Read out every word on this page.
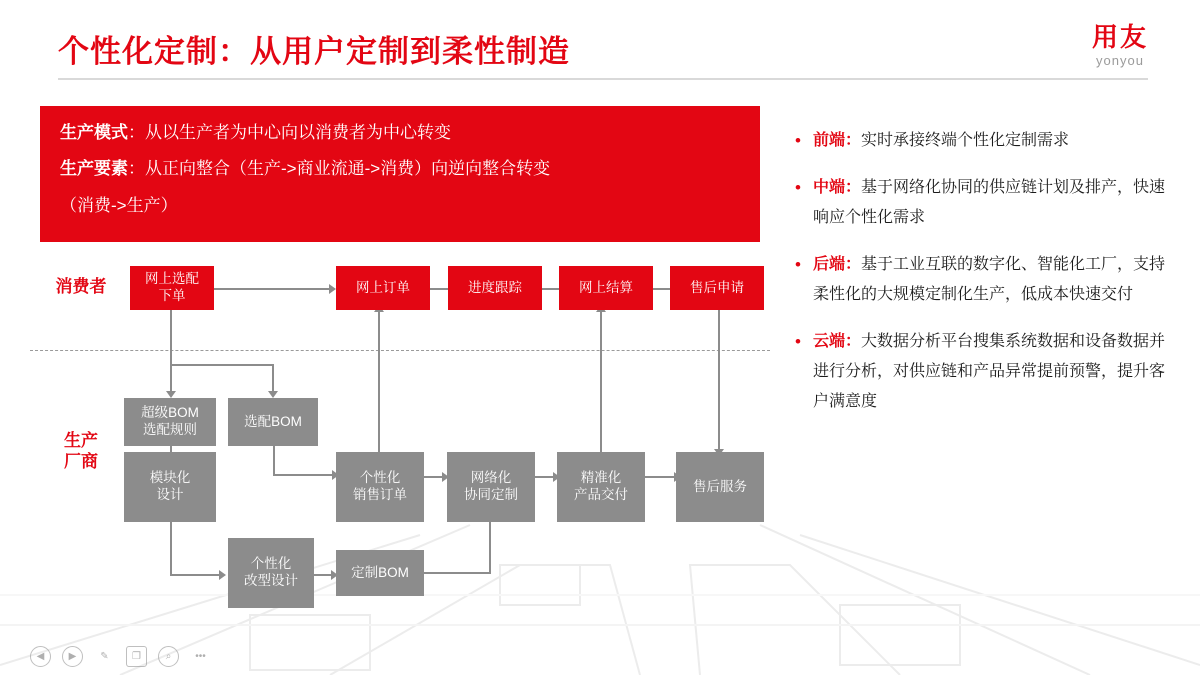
个性化定制：从用户定制到柔性制造	用友
yonyou

生产模式：从以生产者为中心向以消费者为中心转变

生产要素：从正向整合（生产->商业流通->消费）向逆向整合转变

（消费->生产）

消费者
生产
厂商
网上选配
下单
网上订单	进度跟踪	网上结算	售后申请
超级BOM
选配规则
选配BOM
模块化
设计
个性化
销售订单
网络化
协同定制
精准化
产品交付
售后服务
个性化
改型设计
定制BOM
• 前端：实时承接终端个性化定制需求
• 中端：基于网络化协同的供应链计划及排产，快速响应个性化需求
• 后端：基于工业互联的数字化、智能化工厂，支持柔性化的大规模定制化生产，低成本快速交付
• 云端：大数据分析平台搜集系统数据和设备数据并进行分析，对供应链和产品异常提前预警，提升客户满意度
◀	▶	✎	❐	⌕	•••
